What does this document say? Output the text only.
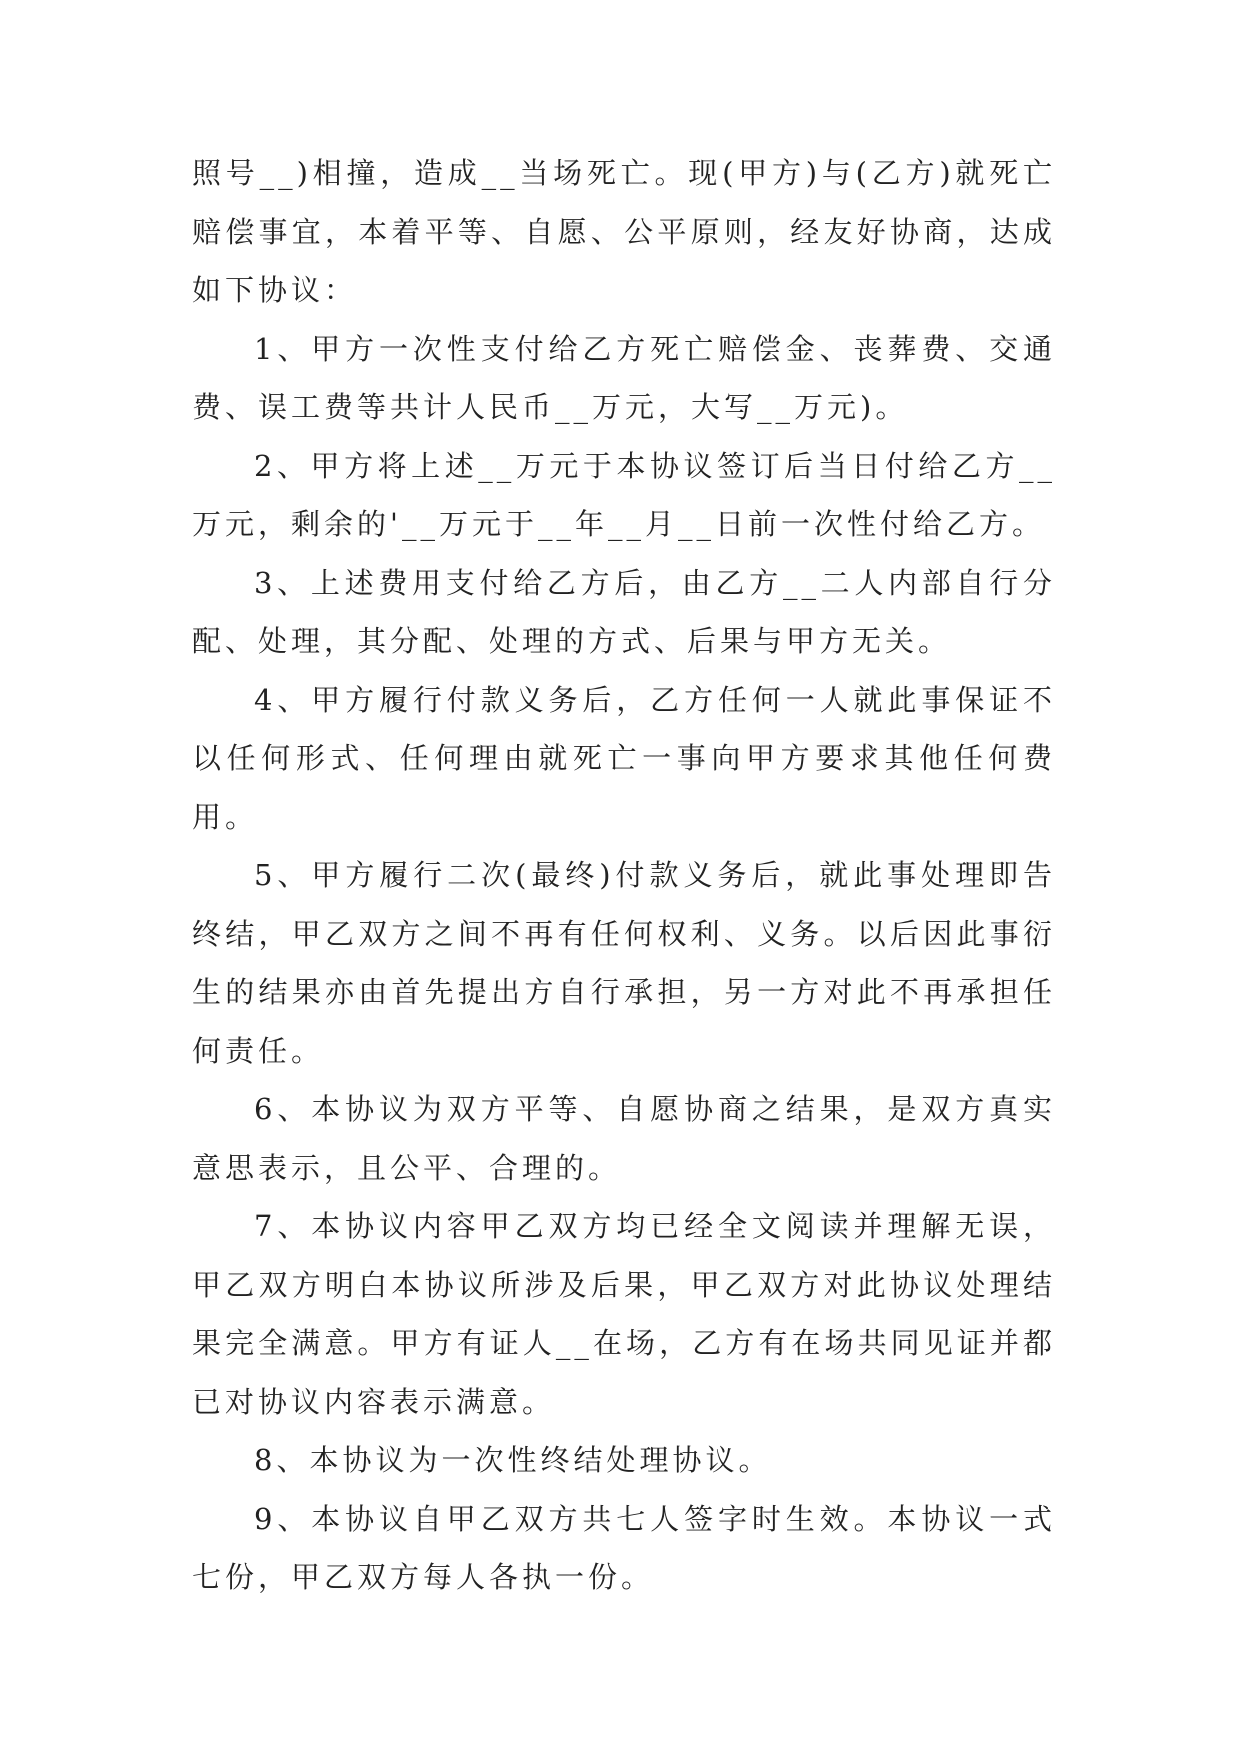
照号__)相撞，造成__当场死亡。现(甲方)与(乙方)就死亡赔偿事宜，本着平等、自愿、公平原则，经友好协商，达成如下协议：

1、甲方一次性支付给乙方死亡赔偿金、丧葬费、交通费、误工费等共计人民币__万元，大写__万元)。

2、甲方将上述__万元于本协议签订后当日付给乙方__万元，剩余的'__万元于__年__月__日前一次性付给乙方。

3、上述费用支付给乙方后，由乙方__二人内部自行分配、处理，其分配、处理的方式、后果与甲方无关。

4、甲方履行付款义务后，乙方任何一人就此事保证不以任何形式、任何理由就死亡一事向甲方要求其他任何费用。

5、甲方履行二次(最终)付款义务后，就此事处理即告终结，甲乙双方之间不再有任何权利、义务。以后因此事衍生的结果亦由首先提出方自行承担，另一方对此不再承担任何责任。

6、本协议为双方平等、自愿协商之结果，是双方真实意思表示，且公平、合理的。

7、本协议内容甲乙双方均已经全文阅读并理解无误，甲乙双方明白本协议所涉及后果，甲乙双方对此协议处理结果完全满意。甲方有证人__在场，乙方有在场共同见证并都已对协议内容表示满意。

8、本协议为一次性终结处理协议。

9、本协议自甲乙双方共七人签字时生效。本协议一式七份，甲乙双方每人各执一份。
